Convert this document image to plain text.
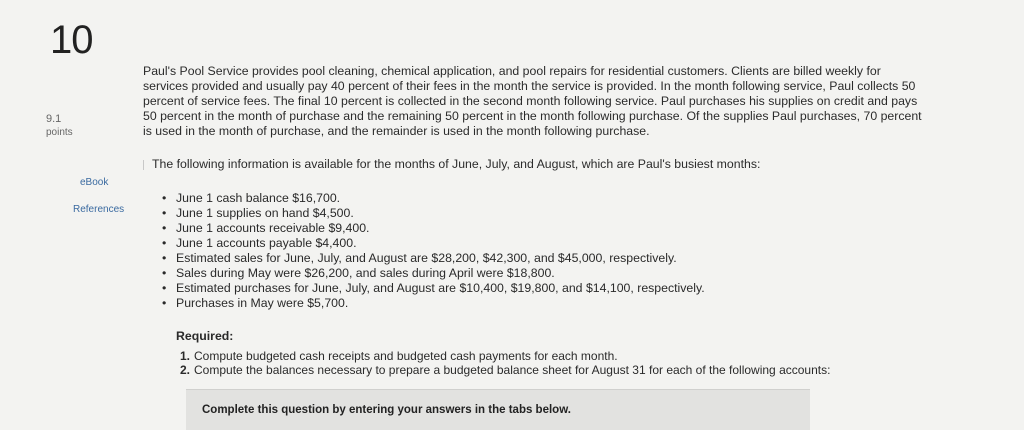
10
9.1
points
eBook
References
Paul's Pool Service provides pool cleaning, chemical application, and pool repairs for residential customers. Clients are billed weekly for services provided and usually pay 40 percent of their fees in the month the service is provided. In the month following service, Paul collects 50 percent of service fees. The final 10 percent is collected in the second month following service. Paul purchases his supplies on credit and pays 50 percent in the month of purchase and the remaining 50 percent in the month following purchase. Of the supplies Paul purchases, 70 percent is used in the month of purchase, and the remainder is used in the month following purchase.
The following information is available for the months of June, July, and August, which are Paul's busiest months:
• June 1 cash balance $16,700.
• June 1 supplies on hand $4,500.
• June 1 accounts receivable $9,400.
• June 1 accounts payable $4,400.
• Estimated sales for June, July, and August are $28,200, $42,300, and $45,000, respectively.
• Sales during May were $26,200, and sales during April were $18,800.
• Estimated purchases for June, July, and August are $10,400, $19,800, and $14,100, respectively.
• Purchases in May were $5,700.
Required:
1. Compute budgeted cash receipts and budgeted cash payments for each month.
2. Compute the balances necessary to prepare a budgeted balance sheet for August 31 for each of the following accounts:
Complete this question by entering your answers in the tabs below.
